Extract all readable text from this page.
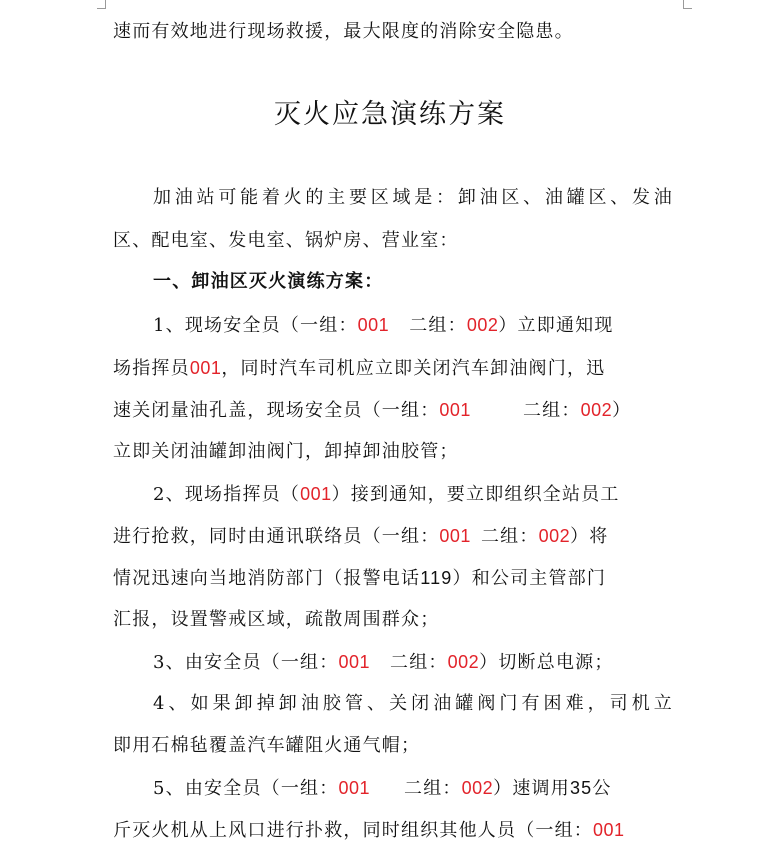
速而有效地进行现场救援，最大限度的消除安全隐患。
灭火应急演练方案
加油站可能着火的主要区域是：卸油区、油罐区、发油
区、配电室、发电室、锅炉房、营业室：
一、卸油区灭火演练方案：
1、现场安全员（一组：001 二组：002）立即通知现
场指挥员001，同时汽车司机应立即关闭汽车卸油阀门，迅
速关闭量油孔盖，现场安全员（一组：001	二组：002）
立即关闭油罐卸油阀门，卸掉卸油胶管；
2、现场指挥员（001）接到通知，要立即组织全站员工
进行抢救，同时由通讯联络员（一组：001 二组：002）将
情况迅速向当地消防部门（报警电话119）和公司主管部门
汇报，设置警戒区域，疏散周围群众；
3、由安全员（一组：001 二组：002）切断总电源；
4、如果卸掉卸油胶管、关闭油罐阀门有困难，司机立
即用石棉毡覆盖汽车罐阻火通气帽；
5、由安全员（一组：001 二组：002）速调用35公
斤灭火机从上风口进行扑救，同时组织其他人员（一组：001
